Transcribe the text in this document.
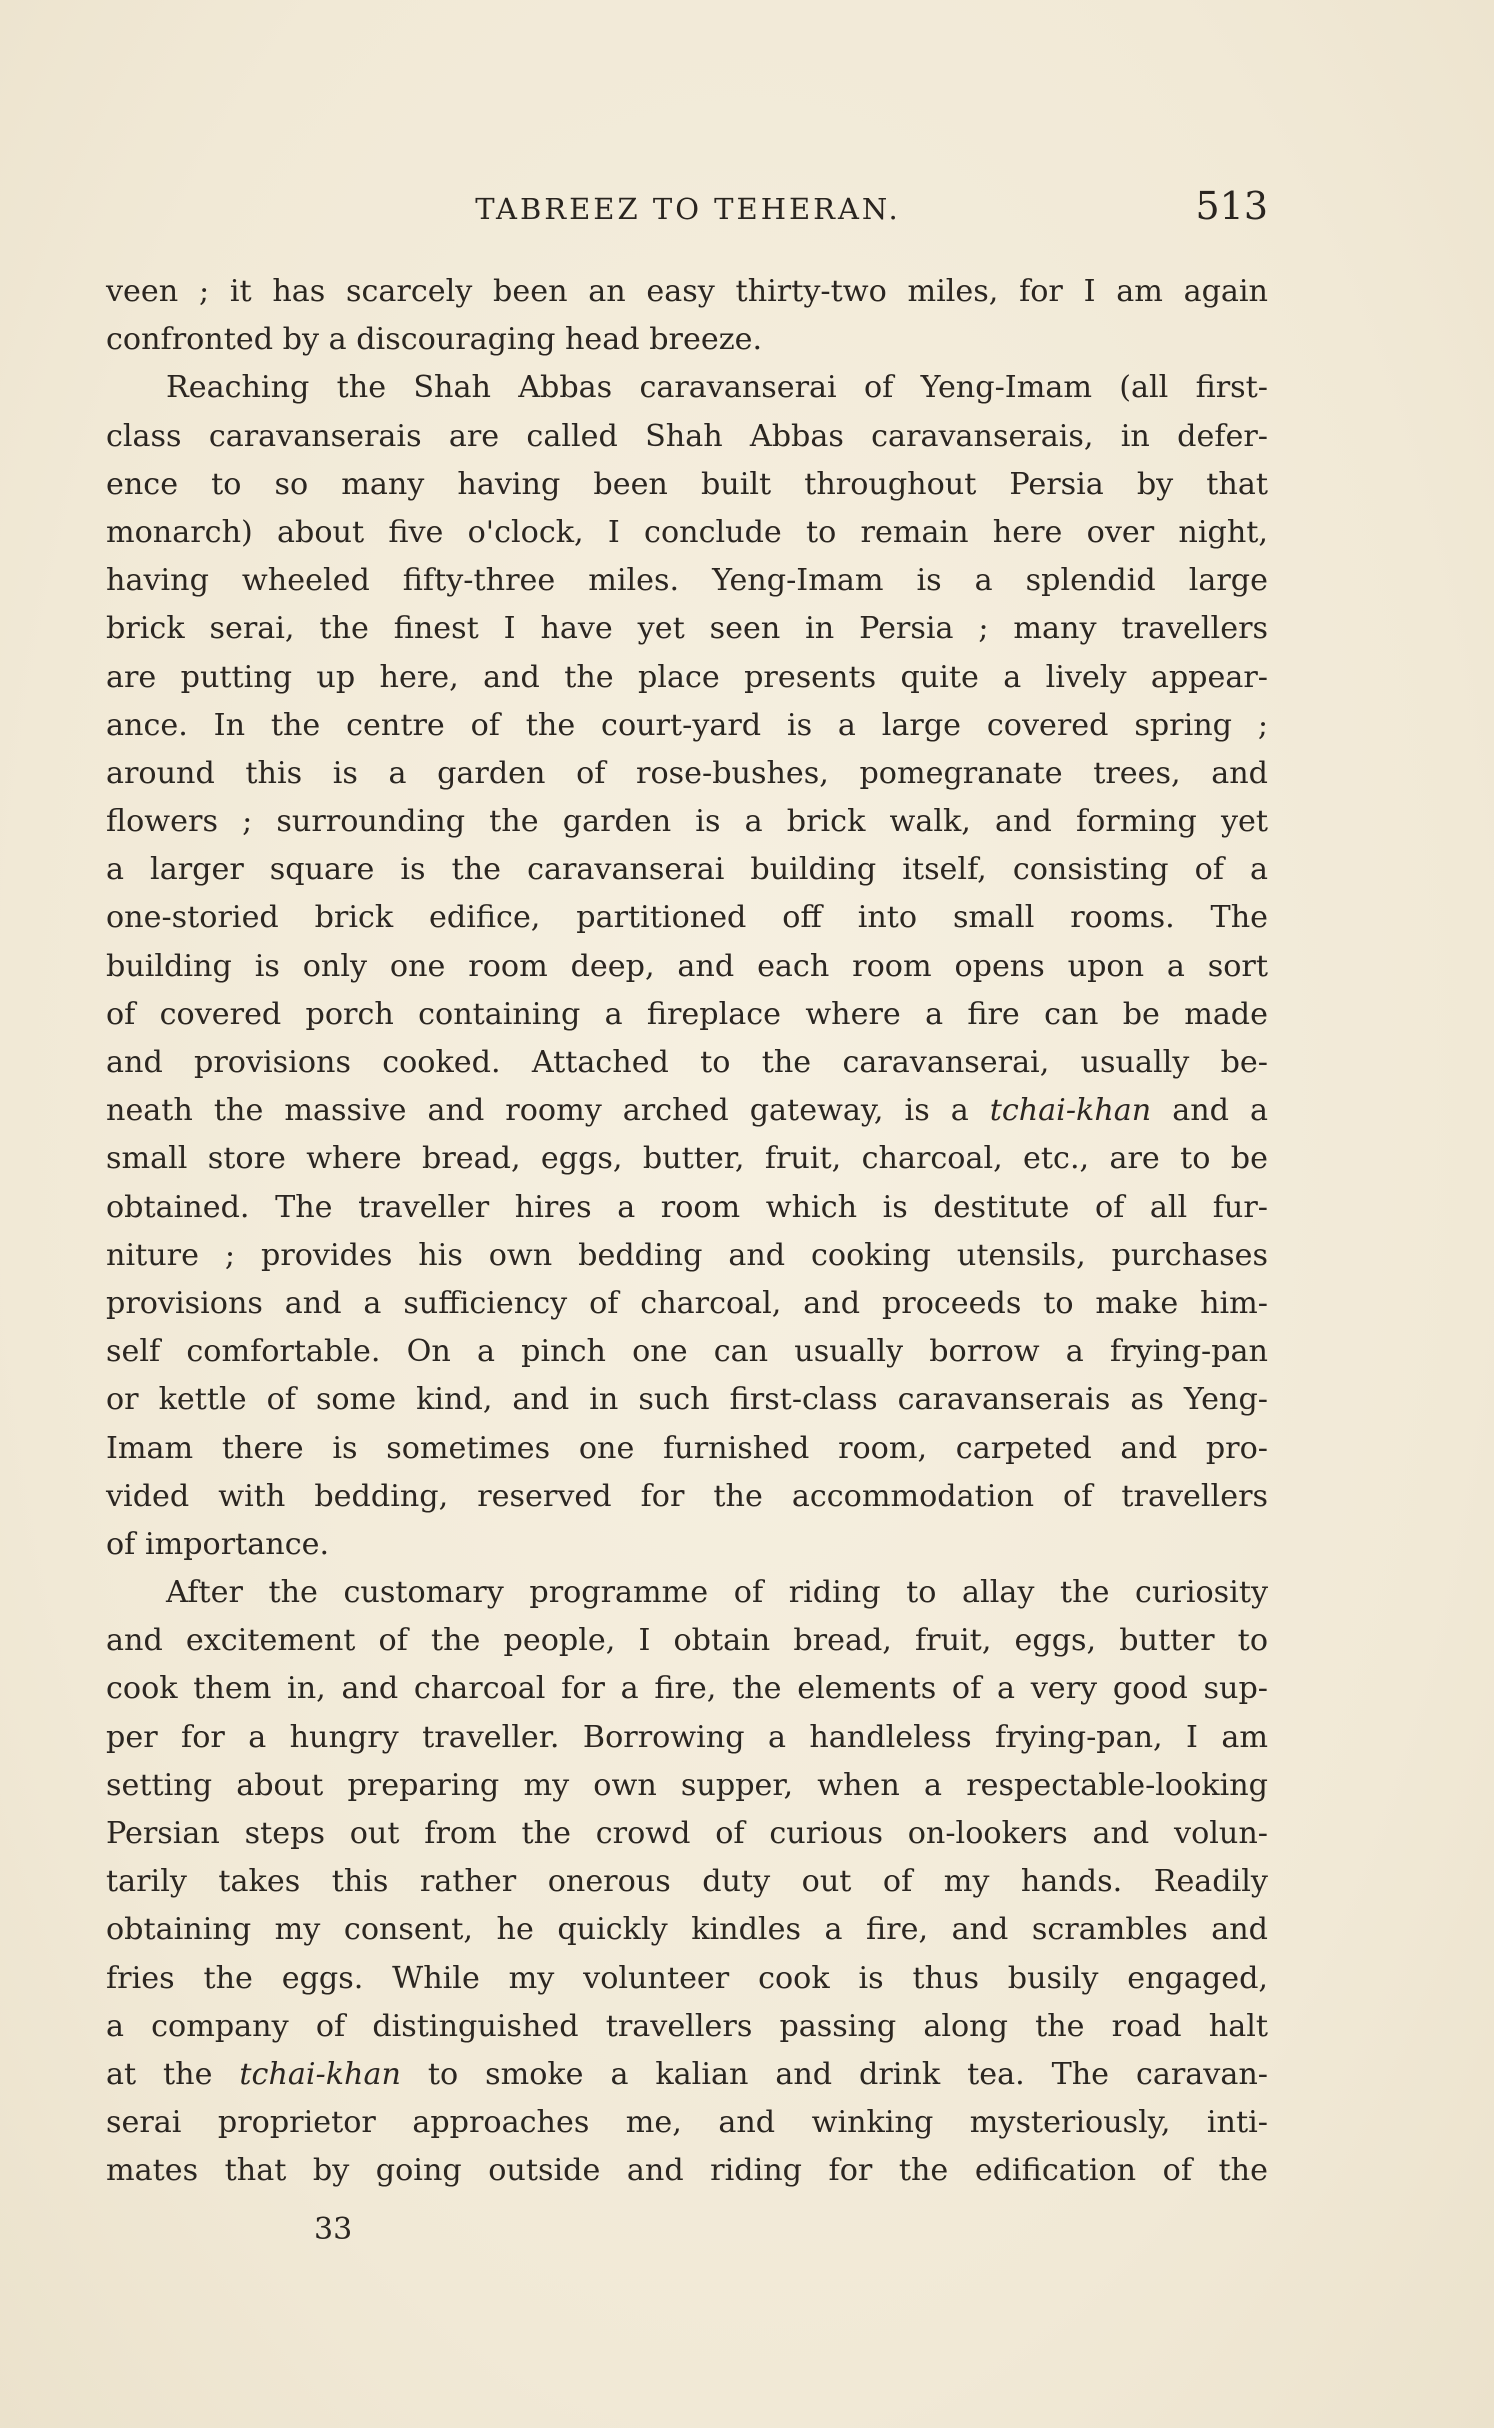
TABREEZ TO TEHERAN.	513
veen ; it has scarcely been an easy thirty-two miles, for I am again
confronted by a discouraging head breeze.
Reaching the Shah Abbas caravanserai of Yeng-Imam (all first-
class caravanserais are called Shah Abbas caravanserais, in defer-
ence to so many having been built throughout Persia by that
monarch) about five o'clock, I conclude to remain here over night,
having wheeled fifty-three miles. Yeng-Imam is a splendid large
brick serai, the finest I have yet seen in Persia ; many travellers
are putting up here, and the place presents quite a lively appear-
ance. In the centre of the court-yard is a large covered spring ;
around this is a garden of rose-bushes, pomegranate trees, and
flowers ; surrounding the garden is a brick walk, and forming yet
a larger square is the caravanserai building itself, consisting of a
one-storied brick edifice, partitioned off into small rooms. The
building is only one room deep, and each room opens upon a sort
of covered porch containing a fireplace where a fire can be made
and provisions cooked. Attached to the caravanserai, usually be-
neath the massive and roomy arched gateway, is a tchai-khan and a
small store where bread, eggs, butter, fruit, charcoal, etc., are to be
obtained. The traveller hires a room which is destitute of all fur-
niture ; provides his own bedding and cooking utensils, purchases
provisions and a sufficiency of charcoal, and proceeds to make him-
self comfortable. On a pinch one can usually borrow a frying-pan
or kettle of some kind, and in such first-class caravanserais as Yeng-
Imam there is sometimes one furnished room, carpeted and pro-
vided with bedding, reserved for the accommodation of travellers
of importance.
After the customary programme of riding to allay the curiosity
and excitement of the people, I obtain bread, fruit, eggs, butter to
cook them in, and charcoal for a fire, the elements of a very good sup-
per for a hungry traveller. Borrowing a handleless frying-pan, I am
setting about preparing my own supper, when a respectable-looking
Persian steps out from the crowd of curious on-lookers and volun-
tarily takes this rather onerous duty out of my hands. Readily
obtaining my consent, he quickly kindles a fire, and scrambles and
fries the eggs. While my volunteer cook is thus busily engaged,
a company of distinguished travellers passing along the road halt
at the tchai-khan to smoke a kalian and drink tea. The caravan-
serai proprietor approaches me, and winking mysteriously, inti-
mates that by going outside and riding for the edification of the
33
